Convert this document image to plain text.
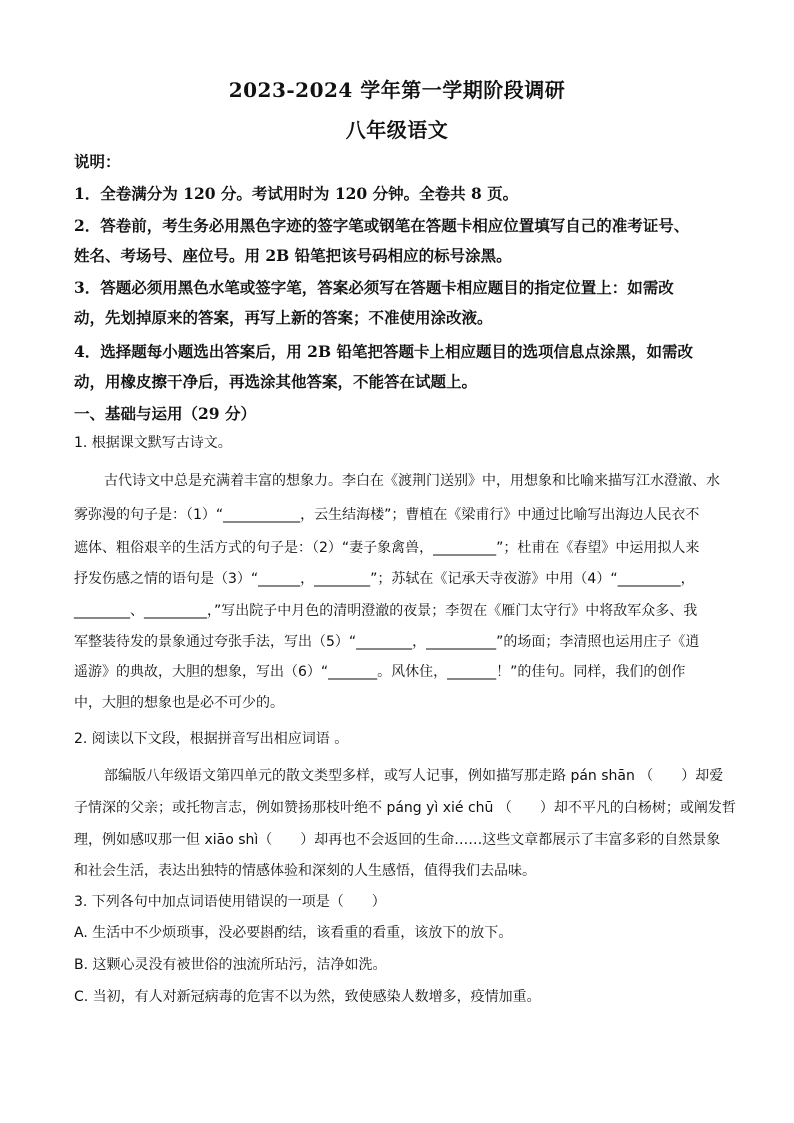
2023-2024 学年第一学期阶段调研
八年级语文
说明：
1．全卷满分为 120 分。考试用时为 120 分钟。全卷共 8 页。
2．答卷前，考生务必用黑色字迹的签字笔或钢笔在答题卡相应位置填写自己的准考证号、
姓名、考场号、座位号。用 2B 铅笔把该号码相应的标号涂黑。
3．答题必须用黑色水笔或签字笔，答案必须写在答题卡相应题目的指定位置上：如需改
动，先划掉原来的答案，再写上新的答案；不准使用涂改液。
4．选择题每小题选出答案后，用 2B 铅笔把答题卡上相应题目的选项信息点涂黑，如需改
动，用橡皮擦干净后，再选涂其他答案，不能答在试题上。
一、基础与运用（29 分）
1. 根据课文默写古诗文。
古代诗文中总是充满着丰富的想象力。李白在《渡荆门送别》中，用想象和比喻来描写江水澄澈、水
雾弥漫的句子是：（1）“___________，云生结海楼”；曹植在《梁甫行》中通过比喻写出海边人民衣不
遮体、粗俗艰辛的生活方式的句子是：（2）“妻子象禽兽，_________”；杜甫在《春望》中运用拟人来
抒发伤感之情的语句是（3）“______，________”；苏轼在《记承天寺夜游》中用（4）“_________，
________、_________，”写出院子中月色的清明澄澈的夜景；李贺在《雁门太守行》中将敌军众多、我
军整装待发的景象通过夸张手法，写出（5）“________，__________”的场面；李清照也运用庄子《逍
遥游》的典故，大胆的想象，写出（6）“_______。风休住，_______！”的佳句。同样，我们的创作
中，大胆的想象也是必不可少的。
2. 阅读以下文段，根据拼音写出相应词语 。
部编版八年级语文第四单元的散文类型多样，或写人记事，例如描写那走路 pán shān （　　）却爱
子情深的父亲；或托物言志，例如赞扬那枝叶绝不 páng yì xié chū （　　）却不平凡的白杨树；或阐发哲
理，例如感叹那一但 xiāo shì（　　）却再也不会返回的生命……这些文章都展示了丰富多彩的自然景象
和社会生活，表达出独特的情感体验和深刻的人生感悟，值得我们去品味。
3. 下列各句中加点词语使用错误的一项是（　　）
A. 生活中不少烦琐事，没必要斟酌结，该看重的看重，该放下的放下。
B. 这颗心灵没有被世俗的浊流所玷污，洁净如洗。
C. 当初，有人对新冠病毒的危害不以为然，致使感染人数增多，疫情加重。
